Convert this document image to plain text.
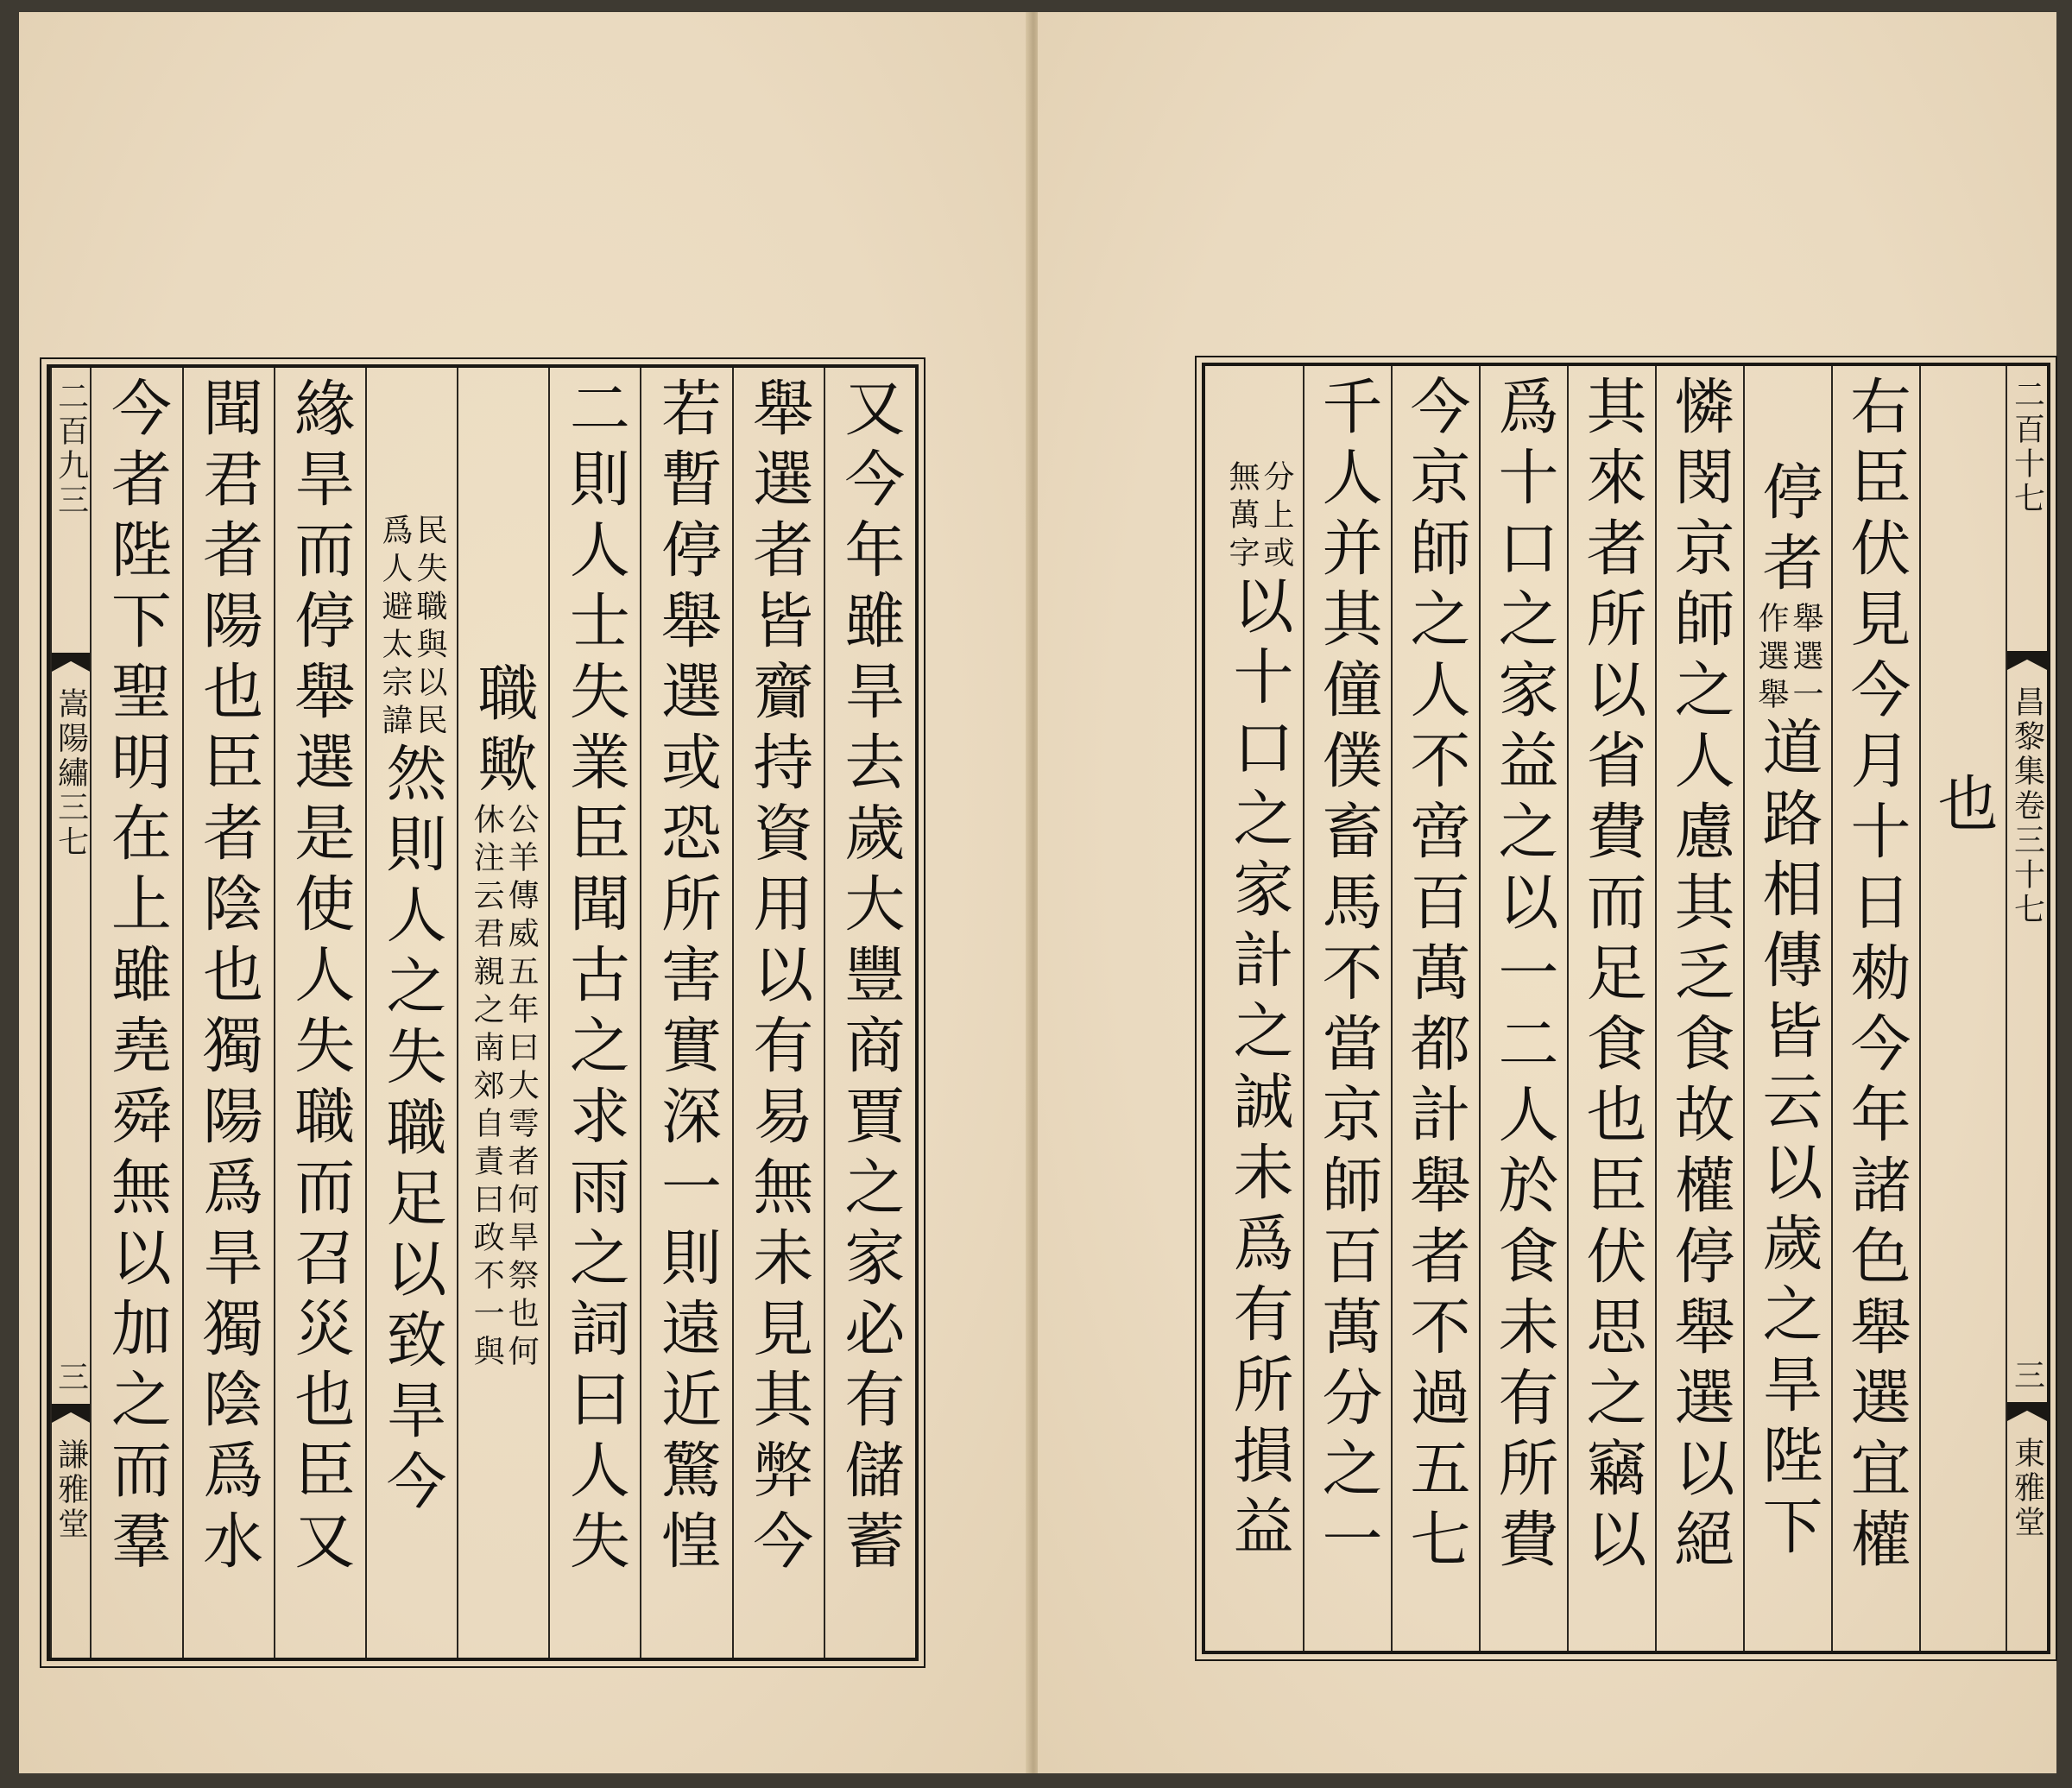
又今年雖旱去歲大豐商賈之家必有儲蓄
舉選者皆齎持資用以有易無未見其弊今
若暫停舉選或恐所害實深一則遠近驚惶
二則人士失業臣聞古之求雨之詞曰人失
職歟
公羊傳威五年曰大雩者何旱祭也何
休注云君親之南郊自責曰政不一與
民失職與以民
爲人避太宗諱
然則人之失職足以致旱今
緣旱而停舉選是使人失職而召災也臣又
聞君者陽也臣者陰也獨陽爲旱獨陰爲水
今者陛下聖明在上雖堯舜無以加之而羣
二百九三
嵩陽繡三七
三
謙雅堂
二百十七
昌黎集卷三十七
三
東雅堂
也
右臣伏見今月十日勑今年諸色舉選宜權
停者
舉選一
作選舉
道路相傳皆云以歲之旱陛下
憐閔京師之人慮其乏食故權停舉選以絕
其來者所以省費而足食也臣伏思之竊以
爲十口之家益之以一二人於食未有所費
今京師之人不啻百萬都計舉者不過五七
千人并其僮僕畜馬不當京師百萬分之一
分上或
無萬字
以十口之家計之誠未爲有所損益
